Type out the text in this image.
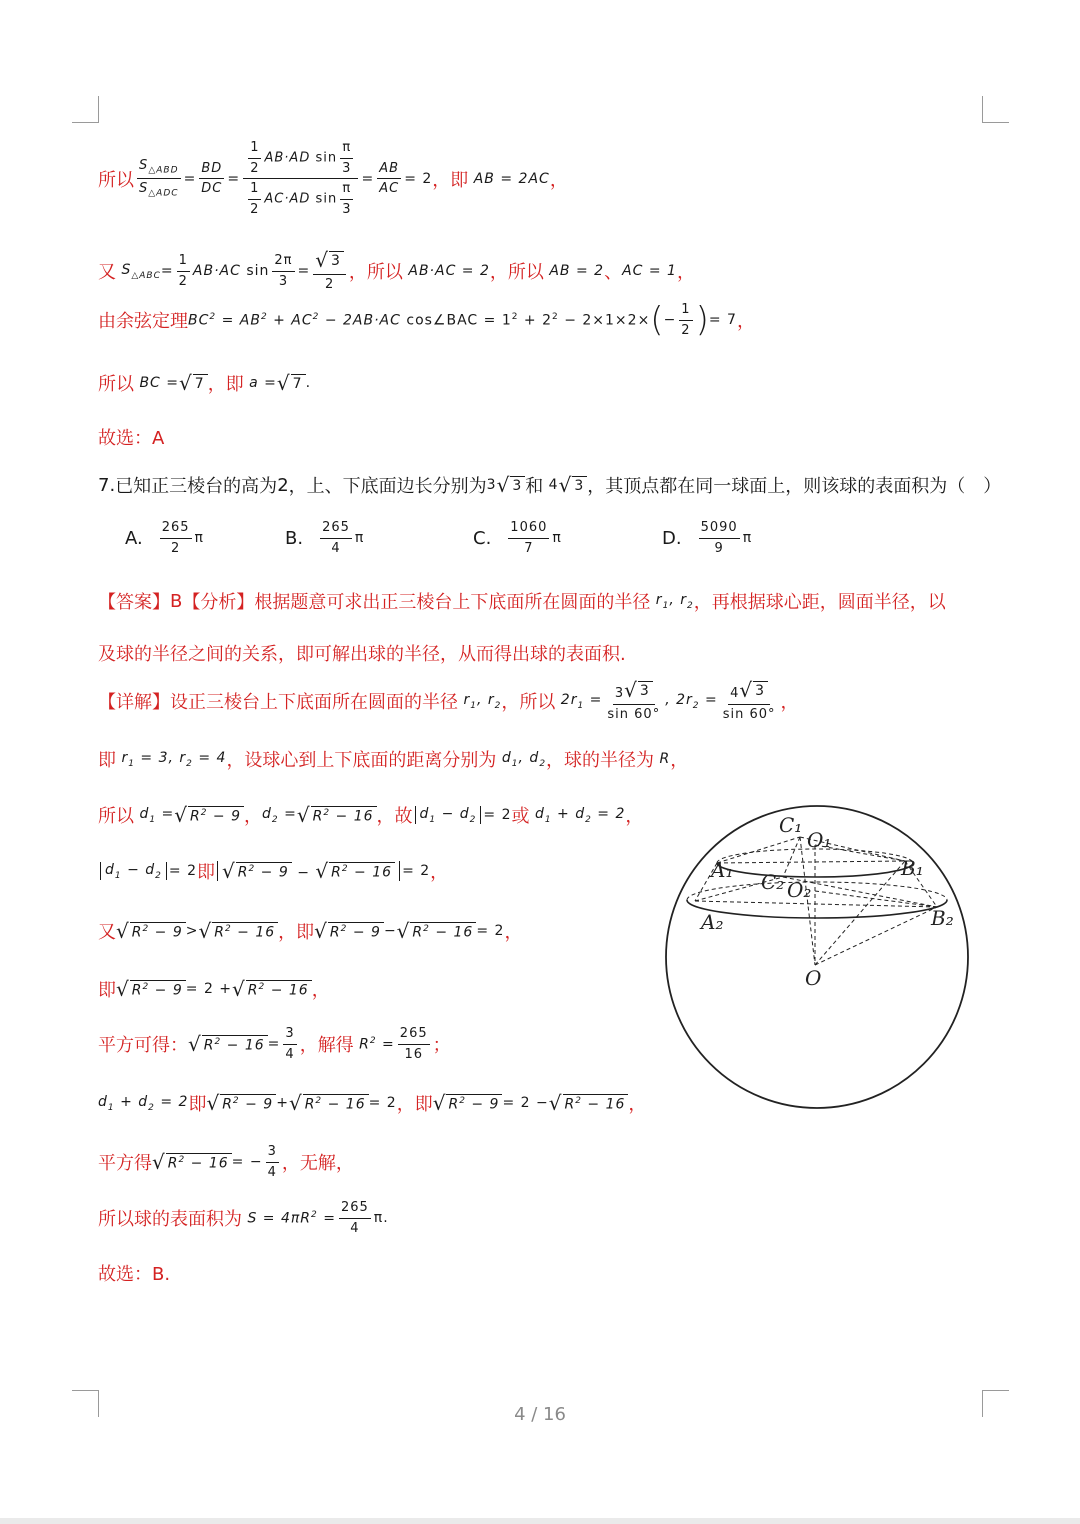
所以 $\frac{S_{\triangle ABD}}{S_{\triangle ADC}} = \frac{BD}{DC} = \frac{\frac{1}{2} AB\cdot AD \sin \frac{\pi}{3}}{\frac{1}{2} AC\cdot AD \sin \frac{\pi}{3}} = \frac{AB}{AC} = 2$ ， 即 AB = 2AC ，
又 $S_{\triangle ABC} = \frac{1}{2} AB\cdot AC$ $\sin \frac{2\pi}{3} = \frac{√ 3}{2}$ ，所以 AB·AC = 2 ，所以 AB = 2 、 AC = 1 ，
由余弦定理 $BC^2 = AB^2 + AC^2 - 2AB\cdot AC$ cos∠BAC = $1^2 + 2^2 - 2\times 1\times 2\times$ ( − $\frac{1}{2}$ ) = 7 ，
所以 BC = √ 7 ， 即 a = √ 7 .
故选：A
7. 已知正三棱台的高为 2 ，上、下底面边长分别为 3 √ 3 和 4 √ 3 ，其顶点都在同一球面上，则该球的表面积为（　）
A. $\frac{265}{2}$ π	B. $\frac{265}{4}$ π	C. $\frac{1060}{7}$ π	D. $\frac{5090}{9}$ π
【答案】 B 【分析】 根据题意可求出正三棱台上下底面所在圆面的半径 $r_1$, $r_2$ ，再根据球心距，圆面半径，以
及球的半径之间的关系，即可解出球的半径，从而得出球的表面积.
【详解】 设正三棱台上下底面所在圆面的半径 $r_1$, $r_2$ ，所以 $2r_1 = \frac{3 √ 3}{\sin 60^\circ}$ , $2r_2 = \frac{4 √ 3}{\sin 60^\circ}$ ，
即 $r_1 = 3$, $r_2 = 4$ ，设球心到上下底面的距离分别为 $d_1$, $d_2$ ，球的半径为 R ，
所以 $d_1$ = √ $R^2 - 9$ ， $d_2$ = √ $R^2 - 16$ ， 故 $d_1 - d_2 = 2$ 或 $d_1 + d_2 = 2$ ，
$d_1 - d_2 = 2$ 即 √ $R^2 - 9$ − √ $R^2 - 16 = 2$ ，
又 √ $R^2 - 9$ > √ $R^2 - 16$ ， 即 √ $R^2 - 9$ − √ $R^2 - 16 = 2$ ，
即 √ $R^2 - 9 = 2$ + √ $R^2 - 16$ ，
平方可得： √ $R^2 - 16 = \frac{3}{4}$ ， 解得 $R^2 = \frac{265}{16}$ ；
$d_1 + d_2 = 2$ 即 √ $R^2 - 9$ + √ $R^2 - 16 = 2$ ， 即 √ $R^2 - 9 = 2$ − √ $R^2 - 16$ ，
平方得 √ $R^2 - 16$ = − $\frac{3}{4}$ ，无解，
所以球的表面积为 $S = 4\pi R^2 = \frac{265}{4}$ π .
故选：B.
C₁
O₁
A₁	B₁
C₂ O₂
A₂	B₂
O
4 / 16
